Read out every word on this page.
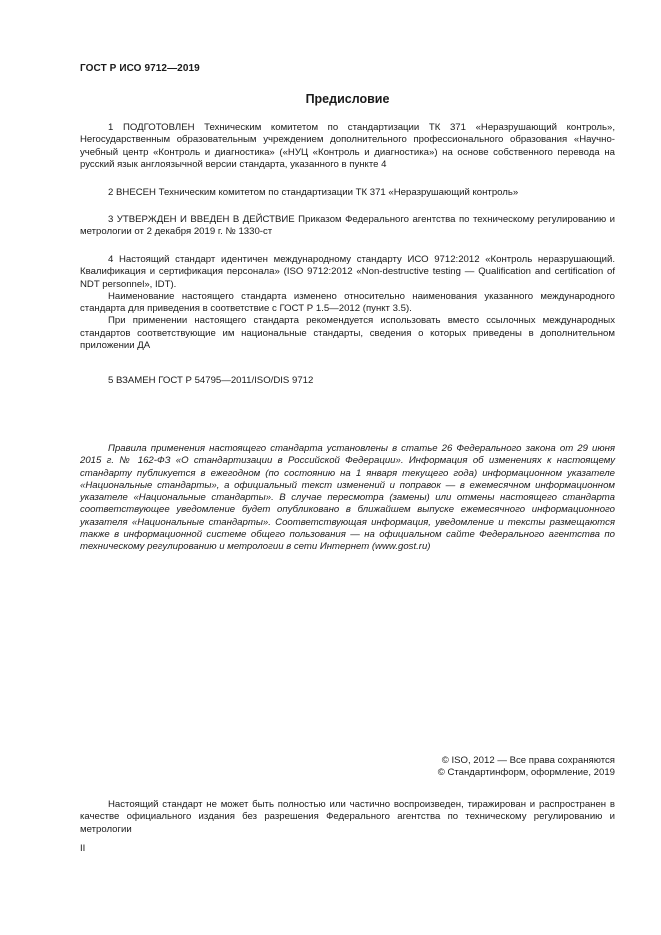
ГОСТ Р ИСО 9712—2019
Предисловие

1 ПОДГОТОВЛЕН Техническим комитетом по стандартизации ТК 371 «Неразрушающий контроль», Негосударственным образовательным учреждением дополнительного профессионального образования «Научно-учебный центр «Контроль и диагностика» («НУЦ «Контроль и диагностика») на основе собственного перевода на русский язык англоязычной версии стандарта, указанного в пункте 4

2 ВНЕСЕН Техническим комитетом по стандартизации ТК 371 «Неразрушающий контроль»

3 УТВЕРЖДЕН И ВВЕДЕН В ДЕЙСТВИЕ Приказом Федерального агентства по техническому регулированию и метрологии от 2 декабря 2019 г. № 1330-ст

4 Настоящий стандарт идентичен международному стандарту ИСО 9712:2012 «Контроль неразрушающий. Квалификация и сертификация персонала» (ISO 9712:2012 «Non-destructive testing — Qualification and certification of NDT personnel», IDT).

Наименование настоящего стандарта изменено относительно наименования указанного международного стандарта для приведения в соответствие с ГОСТ Р 1.5—2012 (пункт 3.5).

При применении настоящего стандарта рекомендуется использовать вместо ссылочных международных стандартов соответствующие им национальные стандарты, сведения о которых приведены в дополнительном приложении ДА

5 ВЗАМЕН ГОСТ Р 54795—2011/ISO/DIS 9712

Правила применения настоящего стандарта установлены в статье 26 Федерального закона от 29 июня 2015 г. № 162-ФЗ «О стандартизации в Российской Федерации». Информация об изменениях к настоящему стандарту публикуется в ежегодном (по состоянию на 1 января текущего года) информационном указателе «Национальные стандарты», а официальный текст изменений и поправок — в ежемесячном информационном указателе «Национальные стандарты». В случае пересмотра (замены) или отмены настоящего стандарта соответствующее уведомление будет опубликовано в ближайшем выпуске ежемесячного информационного указателя «Национальные стандарты». Соответствующая информация, уведомление и тексты размещаются также в информационной системе общего пользования — на официальном сайте Федерального агентства по техническому регулированию и метрологии в сети Интернет (www.gost.ru)

© ISO, 2012 — Все права сохраняются
© Стандартинформ, оформление, 2019

Настоящий стандарт не может быть полностью или частично воспроизведен, тиражирован и распространен в качестве официального издания без разрешения Федерального агентства по техническому регулированию и метрологии

II
